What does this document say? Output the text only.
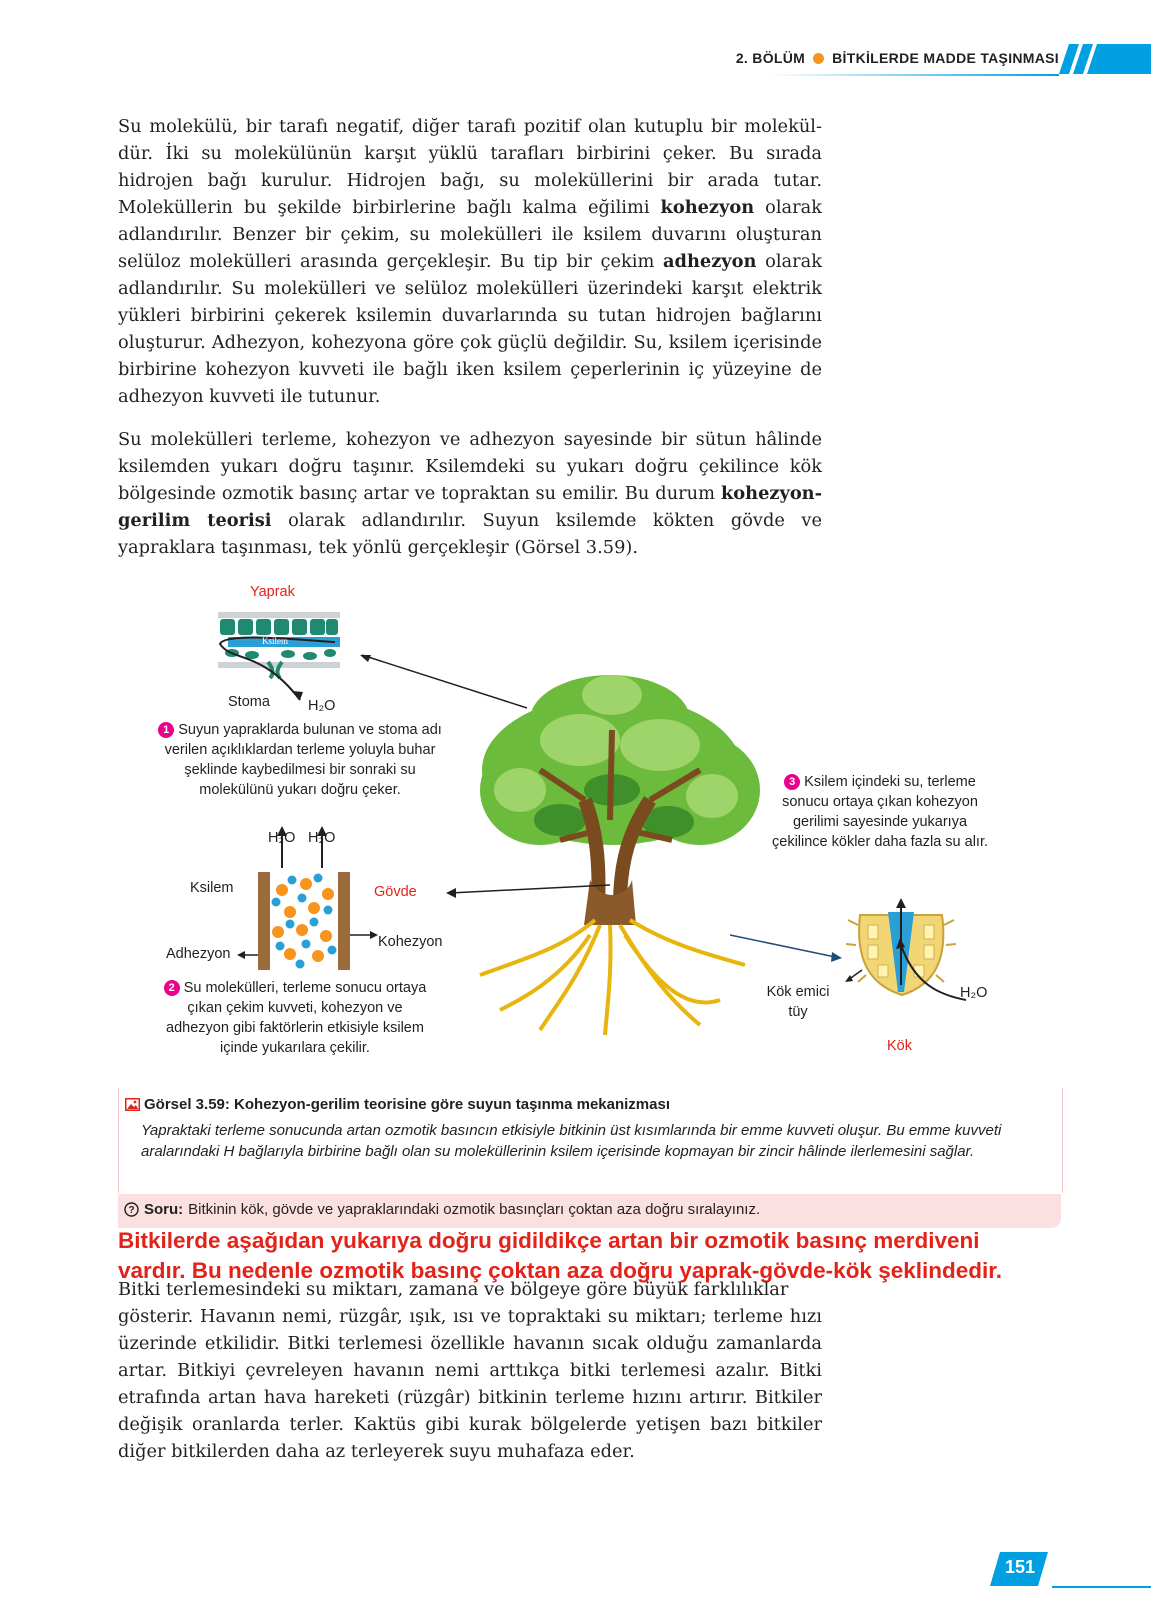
2. BÖLÜM BİTKİLERDE MADDE TAŞINMASI

Su molekülü, bir tarafı negatif, diğer tarafı pozitif olan kutuplu bir moleküldür. İki su molekülünün karşıt yüklü tarafları birbirini çeker. Bu sırada hidrojen bağı kurulur. Hidrojen bağı, su moleküllerini bir arada tutar. Moleküllerin bu şekilde birbirlerine bağlı kalma eğilimi kohezyon olarak adlandırılır. Benzer bir çekim, su molekülleri ile ksilem duvarını oluşturan selüloz molekülleri arasında gerçekleşir. Bu tip bir çekim adhezyon olarak adlandırılır. Su molekülleri ve selüloz molekülleri üzerindeki karşıt elektrik yükleri birbirini çekerek ksilemin duvarlarında su tutan hidrojen bağlarını oluşturur. Adhezyon, kohezyona göre çok güçlü değildir. Su, ksilem içerisinde birbirine kohezyon kuvveti ile bağlı iken ksilem çeperlerinin iç yüzeyine de adhezyon kuvveti ile tutunur.

Su molekülleri terleme, kohezyon ve adhezyon sayesinde bir sütun hâlinde ksilemden yukarı doğru taşınır. Ksilemdeki su yukarı doğru çekilince kök bölgesinde ozmotik basınç artar ve topraktan su emilir. Bu durum kohezyon-gerilim teorisi olarak adlandırılır. Suyun ksilemde kökten gövde ve yapraklara taşınması, tek yönlü gerçekleşir (Görsel 3.59).

Yaprak
Ksilem
Stoma	H₂O
1 Suyun yapraklarda bulunan ve stoma adı verilen açıklıklardan terleme yoluyla buhar şeklinde kaybedilmesi bir sonraki su molekülünü yukarı doğru çeker.
H₂O H₂O
Ksilem	Gövde
Adhezyon
Kohezyon
2 Su molekülleri, terleme sonucu ortaya çıkan çekim kuvveti, kohezyon ve adhezyon gibi faktörlerin etkisiyle ksilem içinde yukarılara çekilir.
3 Ksilem içindeki su, terleme sonucu ortaya çıkan kohezyon gerilimi sayesinde yukarıya çekilince kökler daha fazla su alır.
Kök emici tüy
H₂O
Kök
Görsel 3.59: Kohezyon-gerilim teorisine göre suyun taşınma mekanizması
Yapraktaki terleme sonucunda artan ozmotik basıncın etkisiyle bitkinin üst kısımlarında bir emme kuvveti oluşur. Bu emme kuvveti aralarındaki H bağlarıyla birbirine bağlı olan su moleküllerinin ksilem içerisinde kopmayan bir zincir hâlinde ilerlemesini sağlar.
? Soru: Bitkinin kök, gövde ve yapraklarındaki ozmotik basınçları çoktan aza doğru sıralayınız.
Bitkilerde aşağıdan yukarıya doğru gidildikçe artan bir ozmotik basınç merdiveni
vardır. Bu nedenle ozmotik basınç çoktan aza doğru yaprak-gövde-kök şeklindedir.
Bitki terlemesindeki su miktarı, zamana ve bölgeye göre büyük farklılıklar

gösterir. Havanın nemi, rüzgâr, ışık, ısı ve topraktaki su miktarı; terleme hızı üzerinde etkilidir. Bitki terlemesi özellikle havanın sıcak olduğu zamanlarda artar. Bitkiyi çevreleyen havanın nemi arttıkça bitki terlemesi azalır. Bitki etrafında artan hava hareketi (rüzgâr) bitkinin terleme hızını artırır. Bitkiler değişik oranlarda terler. Kaktüs gibi kurak bölgelerde yetişen bazı bitkiler diğer bitkilerden daha az terleyerek suyu muhafaza eder.

151
